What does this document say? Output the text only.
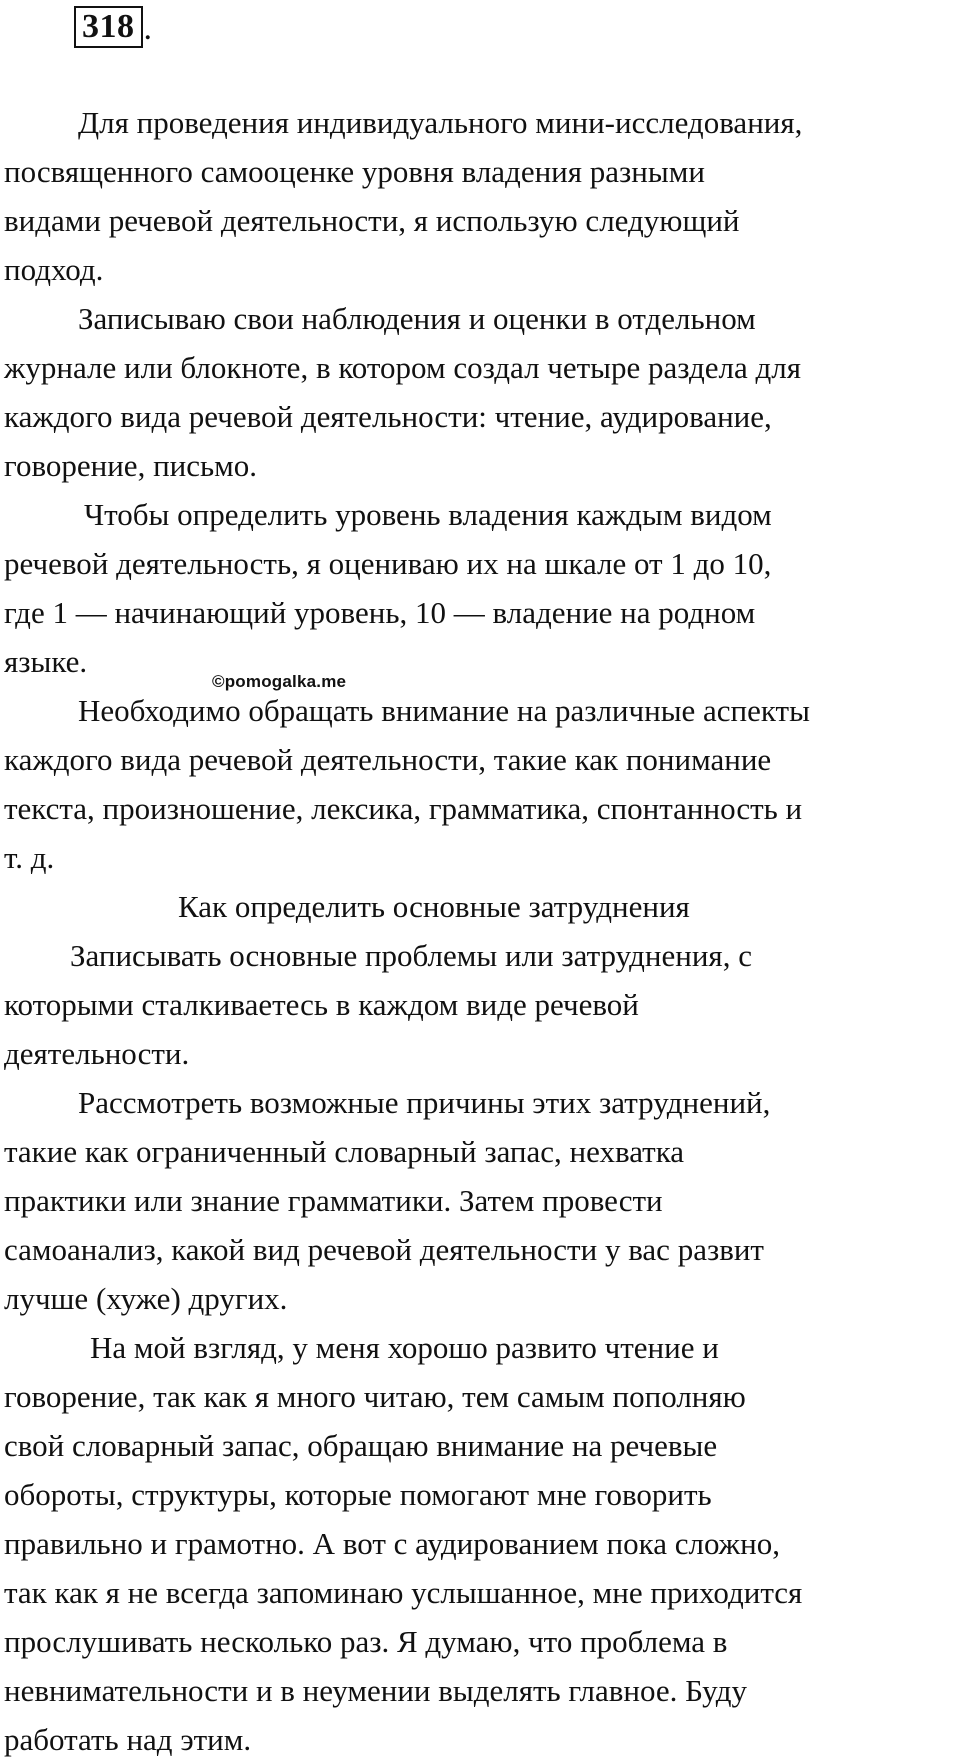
318 .
Для проведения индивидуального мини-исследования,
посвященного самооценке уровня владения разными
видами речевой деятельности, я использую следующий
подход.
Записываю свои наблюдения и оценки в отдельном
журнале или блокноте, в котором создал четыре раздела для
каждого вида речевой деятельности: чтение, аудирование,
говорение, письмо.
Чтобы определить уровень владения каждым видом
речевой деятельность, я оцениваю их на шкале от 1 до 10,
где 1 — начинающий уровень, 10 — владение на родном
языке.
Необходимо обращать внимание на различные аспекты
каждого вида речевой деятельности, такие как понимание
текста, произношение, лексика, грамматика, спонтанность и
т. д.
Как определить основные затруднения
Записывать основные проблемы или затруднения, с
которыми сталкиваетесь в каждом виде речевой
деятельности.
Рассмотреть возможные причины этих затруднений,
такие как ограниченный словарный запас, нехватка
практики или знание грамматики. Затем провести
самоанализ, какой вид речевой деятельности у вас развит
лучше (хуже) других.
На мой взгляд, у меня хорошо развито чтение и
говорение, так как я много читаю, тем самым пополняю
свой словарный запас, обращаю внимание на речевые
обороты, структуры, которые помогают мне говорить
правильно и грамотно. А вот с аудированием пока сложно,
так как я не всегда запоминаю услышанное, мне приходится
прослушивать несколько раз. Я думаю, что проблема в
невнимательности и в неумении выделять главное. Буду
работать над этим.
©pomogalka.me
